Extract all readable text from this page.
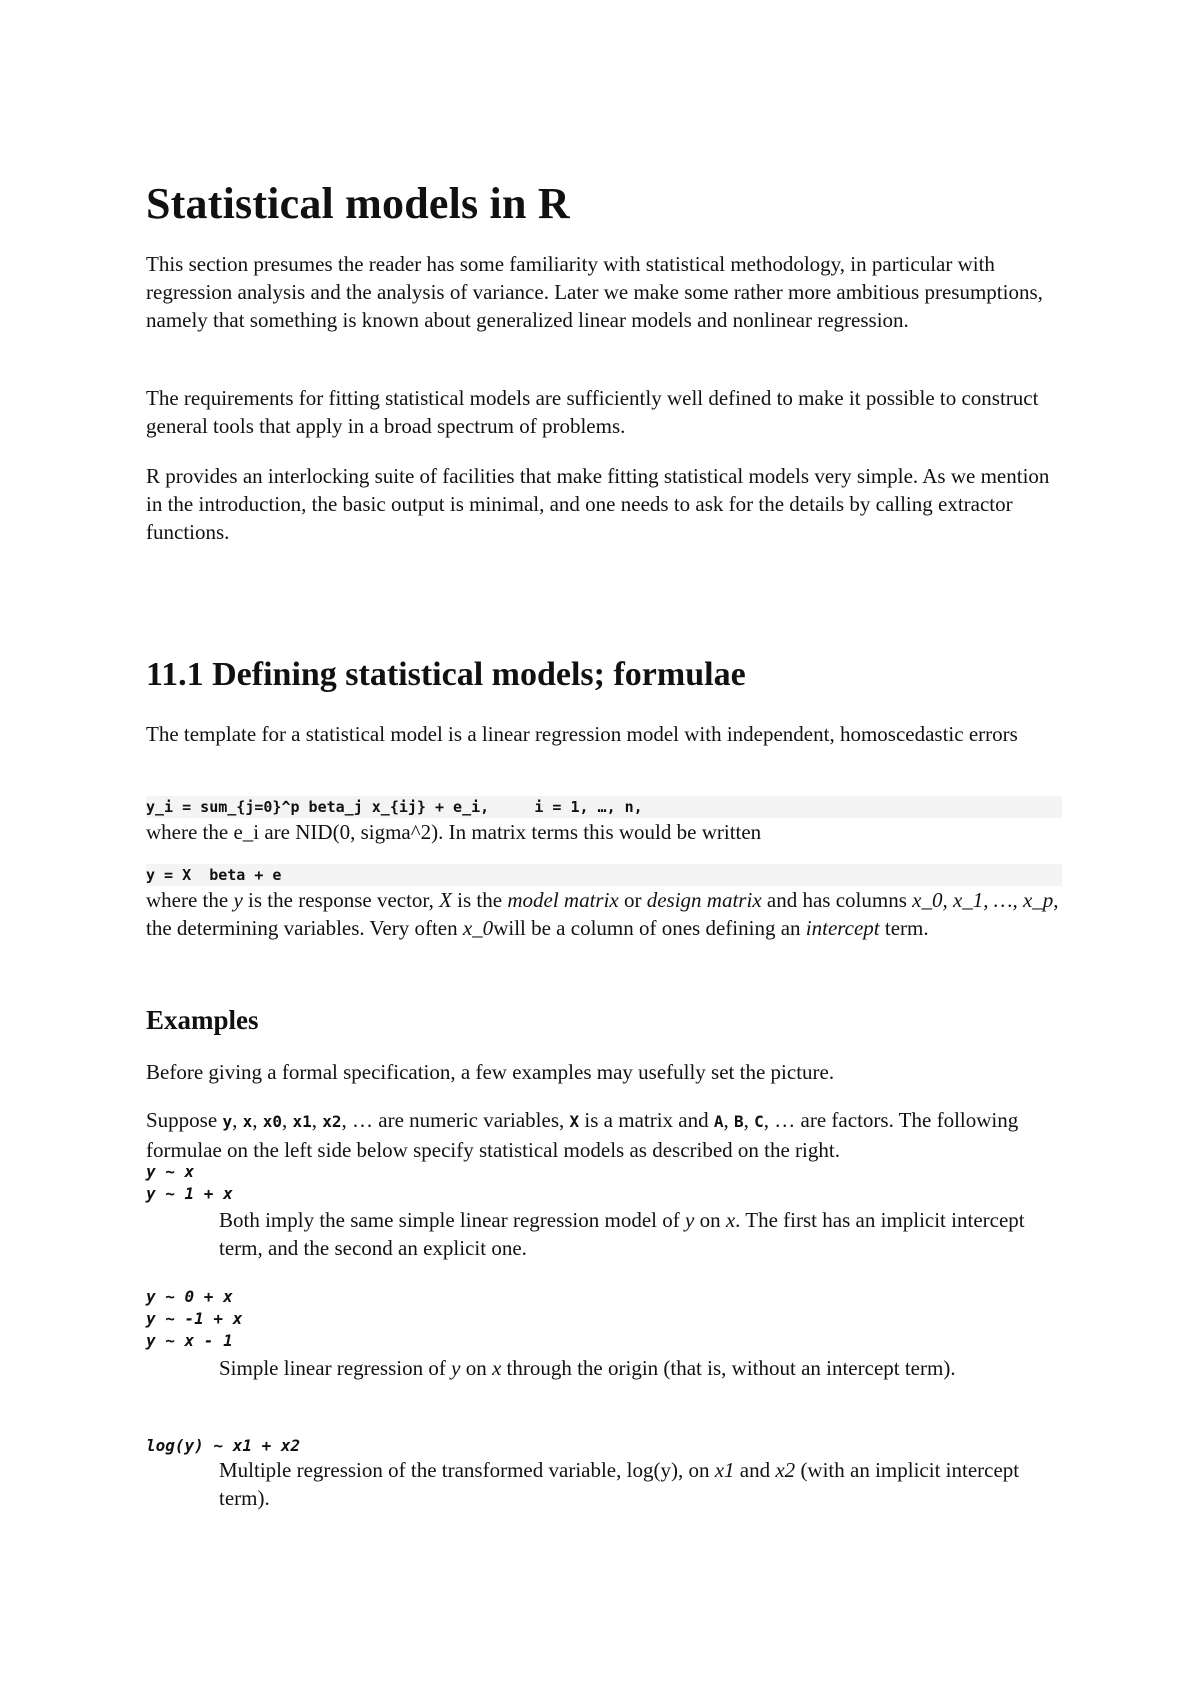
Statistical models in R

This section presumes the reader has some familiarity with statistical methodology, in particular with regression analysis and the analysis of variance. Later we make some rather more ambitious presumptions, namely that something is known about generalized linear models and nonlinear regression.

The requirements for fitting statistical models are sufficiently well defined to make it possible to construct general tools that apply in a broad spectrum of problems.

R provides an interlocking suite of facilities that make fitting statistical models very simple. As we mention in the introduction, the basic output is minimal, and one needs to ask for the details by calling extractor functions.

11.1 Defining statistical models; formulae

The template for a statistical model is a linear regression model with independent, homoscedastic errors

y_i = sum_{j=0}^p beta_j x_{ij} + e_i,     i = 1, …, n,

where the e_i are NID(0, sigma^2). In matrix terms this would be written

y = X  beta + e

where the y is the response vector, X is the model matrix or design matrix and has columns x_0, x_1, …, x_p, the determining variables. Very often x_0will be a column of ones defining an intercept term.

Examples

Before giving a formal specification, a few examples may usefully set the picture.

Suppose y, x, x0, x1, x2, … are numeric variables, X is a matrix and A, B, C, … are factors. The following formulae on the left side below specify statistical models as described on the right.

y ~ x
y ~ 1 + x

Both imply the same simple linear regression model of y on x. The first has an implicit intercept term, and the second an explicit one.

y ~ 0 + x
y ~ -1 + x
y ~ x - 1

Simple linear regression of y on x through the origin (that is, without an intercept term).

log(y) ~ x1 + x2

Multiple regression of the transformed variable, log(y), on x1 and x2 (with an implicit intercept term).
